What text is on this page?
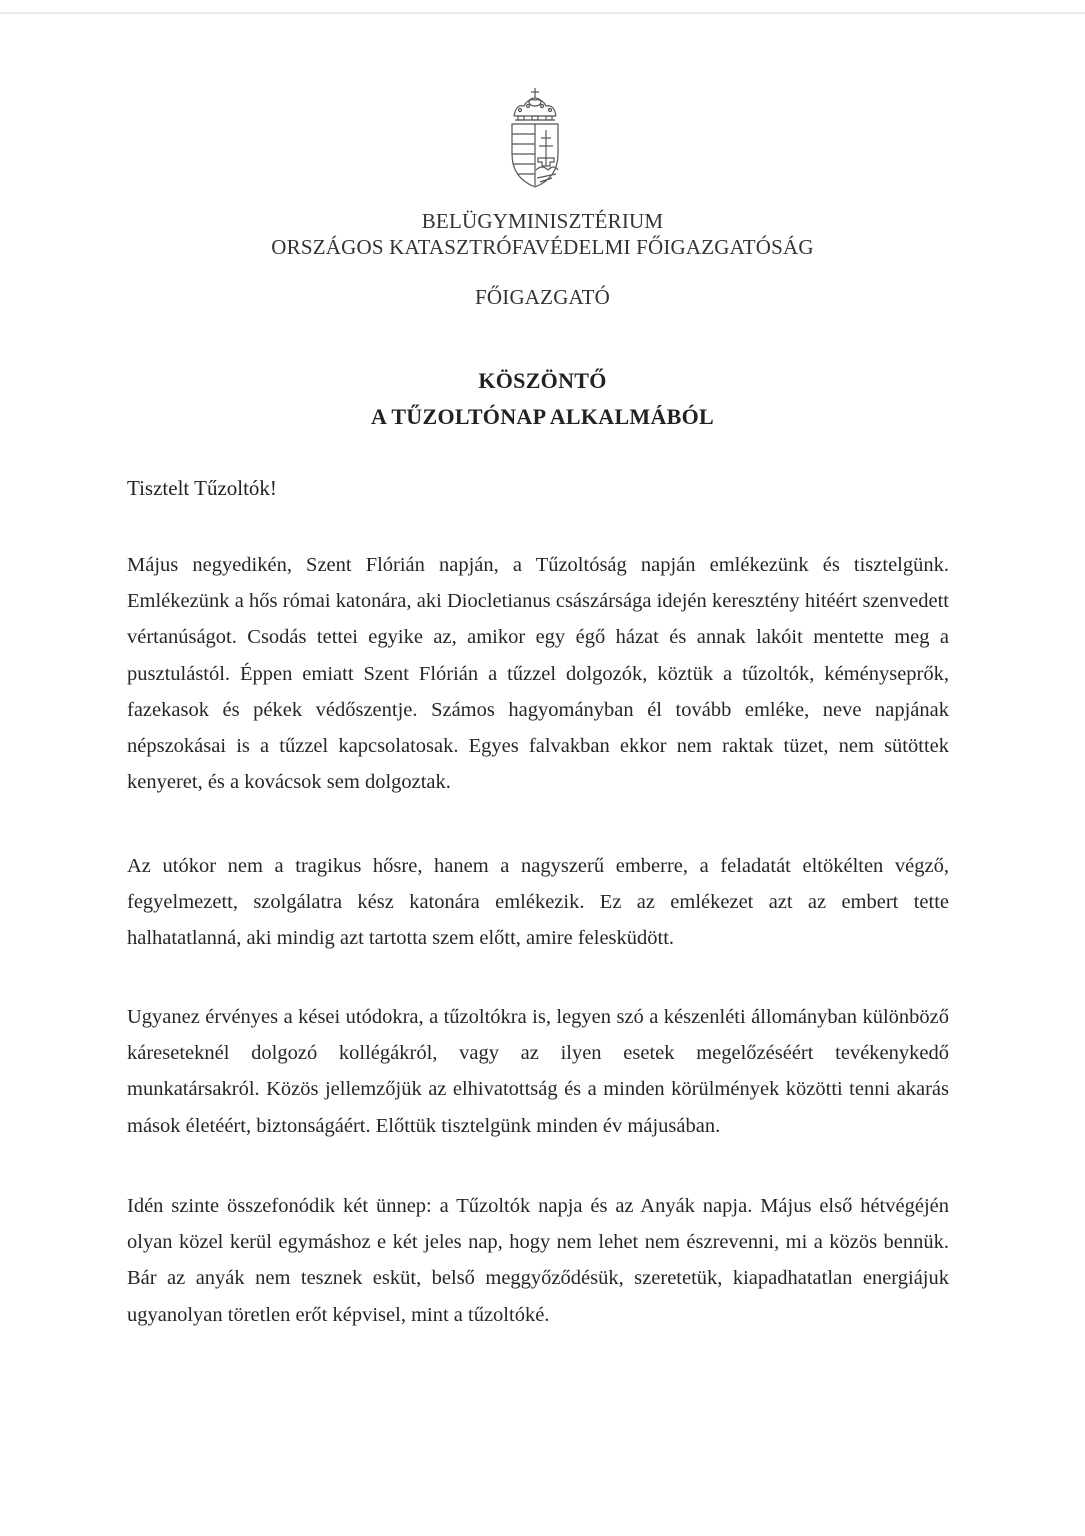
BELÜGYMINISZTÉRIUM
ORSZÁGOS KATASZTRÓFAVÉDELMI FŐIGAZGATÓSÁG
FŐIGAZGATÓ
KÖSZÖNTŐ
A TŰZOLTÓNAP ALKALMÁBÓL
Tisztelt Tűzoltók!

Május negyedikén, Szent Flórián napján, a Tűzoltóság napján emlékezünk és tisztelgünk. Emlékezünk a hős római katonára, aki Diocletianus császársága idején keresztény hitéért szenvedett vértanúságot. Csodás tettei egyike az, amikor egy égő házat és annak lakóit mentette meg a pusztulástól. Éppen emiatt Szent Flórián a tűzzel dolgozók, köztük a tűzoltók, kéményseprők, fazekasok és pékek védőszentje. Számos hagyományban él tovább emléke, neve napjának népszokásai is a tűzzel kapcsolatosak. Egyes falvakban ekkor nem raktak tüzet, nem sütöttek kenyeret, és a kovácsok sem dolgoztak.

Az utókor nem a tragikus hősre, hanem a nagyszerű emberre, a feladatát eltökélten végző, fegyelmezett, szolgálatra kész katonára emlékezik. Ez az emlékezet azt az embert tette halhatatlanná, aki mindig azt tartotta szem előtt, amire felesküdött.

Ugyanez érvényes a kései utódokra, a tűzoltókra is, legyen szó a készenléti állományban különböző káreseteknél dolgozó kollégákról, vagy az ilyen esetek megelőzéséért tevékenykedő munkatársakról. Közös jellemzőjük az elhivatottság és a minden körülmények közötti tenni akarás mások életéért, biztonságáért. Előttük tisztelgünk minden év májusában.

Idén szinte összefonódik két ünnep: a Tűzoltók napja és az Anyák napja. Május első hétvégéjén olyan közel kerül egymáshoz e két jeles nap, hogy nem lehet nem észrevenni, mi a közös bennük. Bár az anyák nem tesznek esküt, belső meggyőződésük, szeretetük, kiapadhatatlan energiájuk ugyanolyan töretlen erőt képvisel, mint a tűzoltóké.
